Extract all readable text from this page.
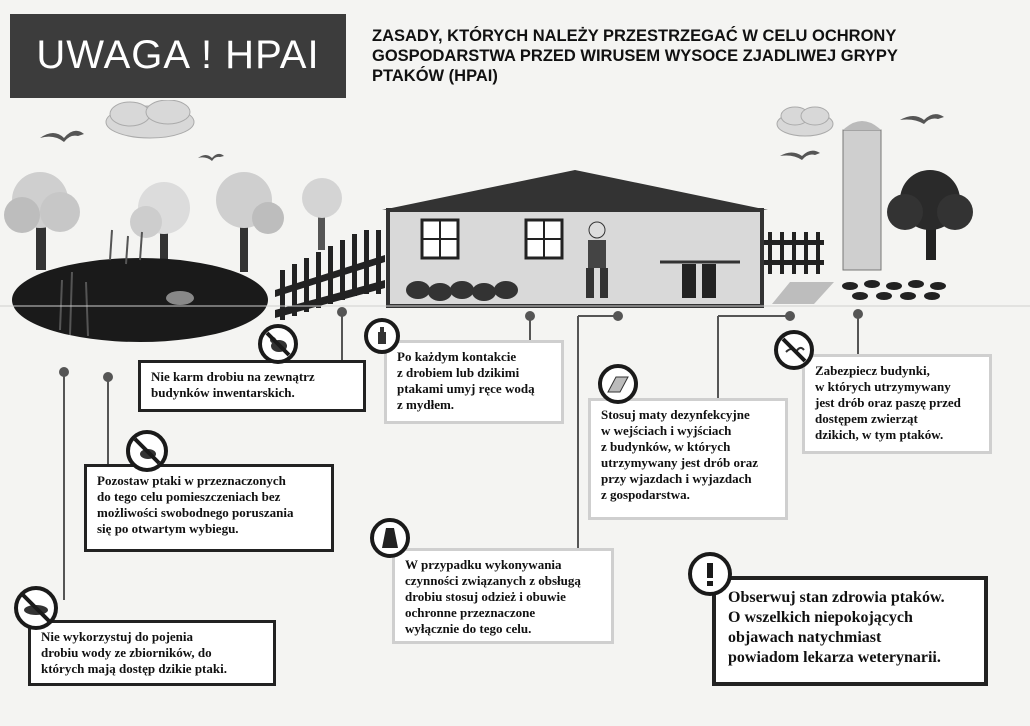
UWAGA ! HPAI	ZASADY, KTÓRYCH NALEŻY PRZESTRZEGAĆ W CELU OCHRONY
GOSPODARSTWA PRZED WIRUSEM WYSOCE ZJADLIWEJ GRYPY
PTAKÓW (HPAI)
Nie karm drobiu na zewnątrz
budynków inwentarskich.
Po każdym kontakcie
z drobiem lub dzikimi
ptakami umyj ręce wodą
z mydłem.
Stosuj maty dezynfekcyjne
w wejściach i wyjściach
z budynków, w których
utrzymywany jest drób oraz
przy wjazdach i wyjazdach
z gospodarstwa.
Zabezpiecz budynki,
w których utrzymywany
jest drób oraz paszę przed
dostępem zwierząt
dzikich, w tym ptaków.
Pozostaw ptaki w przeznaczonych
do tego celu pomieszczeniach bez
możliwości swobodnego poruszania
się po otwartym wybiegu.
W przypadku wykonywania
czynności związanych z obsługą
drobiu stosuj odzież i obuwie
ochronne przeznaczone
wyłącznie do tego celu.
Nie wykorzystuj do pojenia
drobiu wody ze zbiorników, do
których mają dostęp dzikie ptaki.
Obserwuj stan zdrowia ptaków.
O wszelkich niepokojących
objawach natychmiast
powiadom lekarza weterynarii.
